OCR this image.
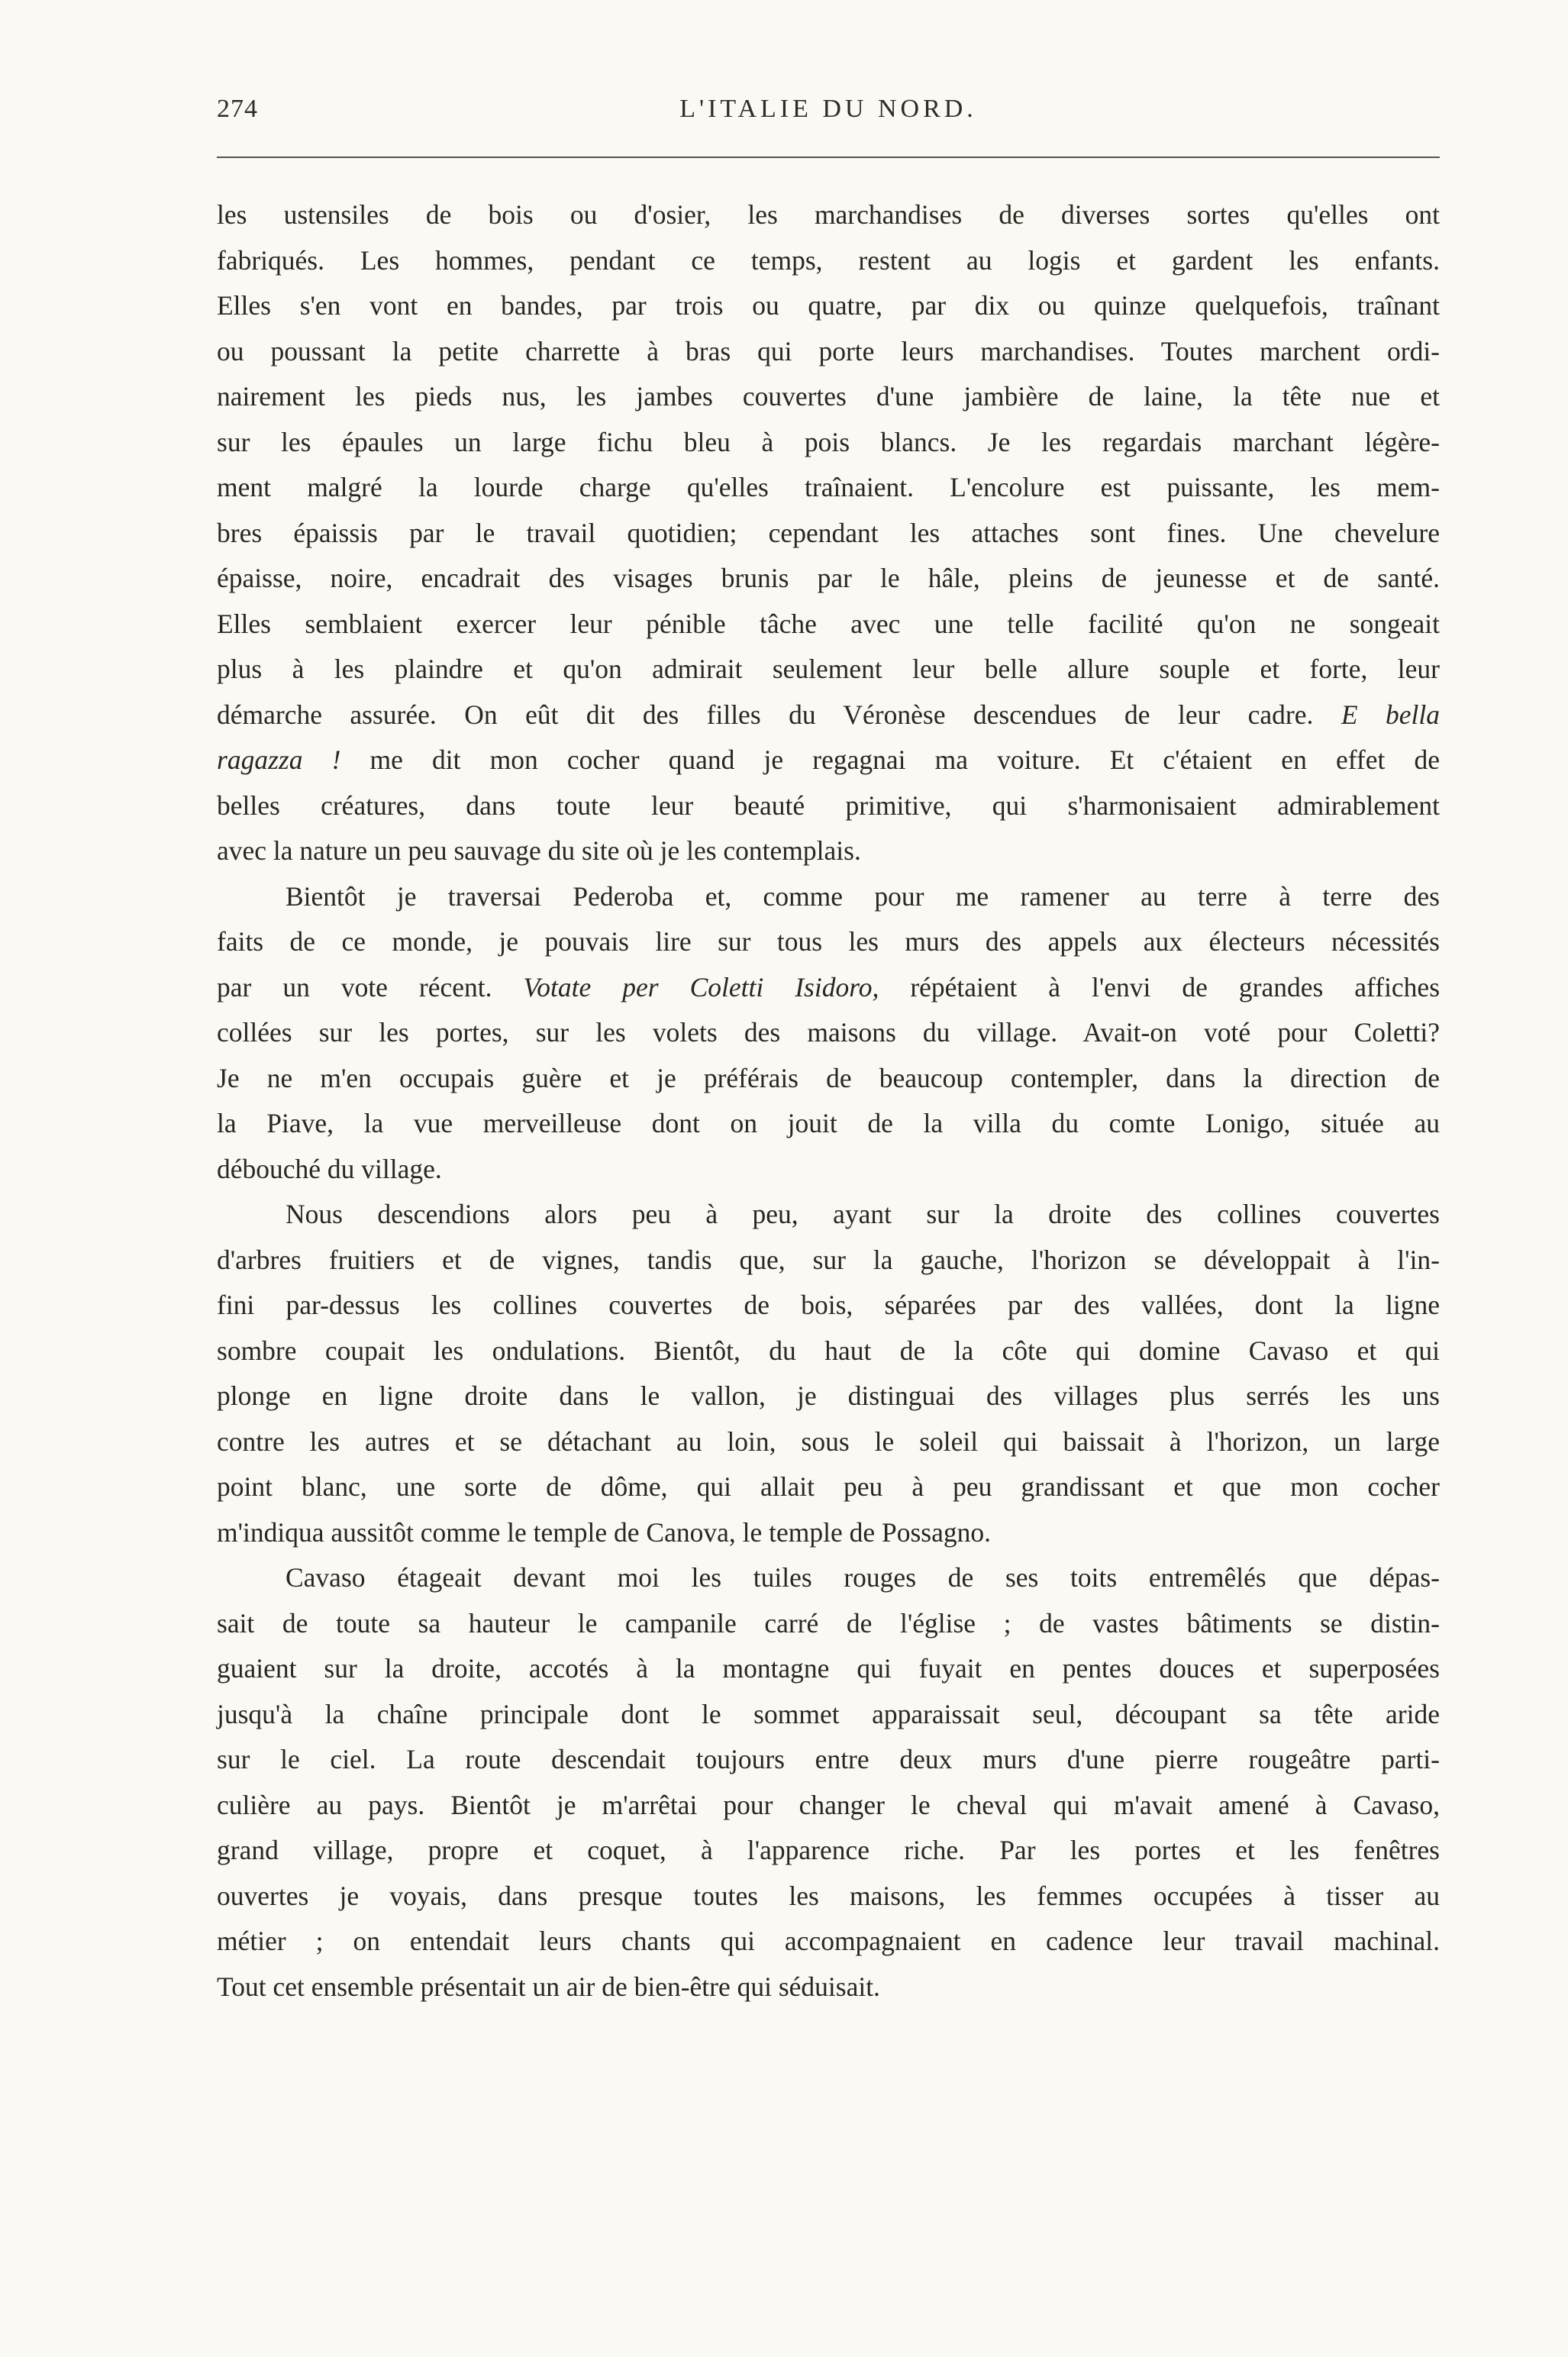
274	L'ITALIE DU NORD.
les ustensiles de bois ou d'osier, les marchandises de diverses sortes qu'elles ont
fabriqués. Les hommes, pendant ce temps, restent au logis et gardent les enfants.
Elles s'en vont en bandes, par trois ou quatre, par dix ou quinze quelquefois, traînant
ou poussant la petite charrette à bras qui porte leurs marchandises. Toutes marchent ordi-
nairement les pieds nus, les jambes couvertes d'une jambière de laine, la tête nue et
sur les épaules un large fichu bleu à pois blancs. Je les regardais marchant légère-
ment malgré la lourde charge qu'elles traînaient. L'encolure est puissante, les mem-
bres épaissis par le travail quotidien; cependant les attaches sont fines. Une chevelure
épaisse, noire, encadrait des visages brunis par le hâle, pleins de jeunesse et de santé.
Elles semblaient exercer leur pénible tâche avec une telle facilité qu'on ne songeait
plus à les plaindre et qu'on admirait seulement leur belle allure souple et forte, leur
démarche assurée. On eût dit des filles du Véronèse descendues de leur cadre. E bella
ragazza ! me dit mon cocher quand je regagnai ma voiture. Et c'étaient en effet de
belles créatures, dans toute leur beauté primitive, qui s'harmonisaient admirablement
avec la nature un peu sauvage du site où je les contemplais.
Bientôt je traversai Pederoba et, comme pour me ramener au terre à terre des
faits de ce monde, je pouvais lire sur tous les murs des appels aux électeurs nécessités
par un vote récent. Votate per Coletti Isidoro, répétaient à l'envi de grandes affiches
collées sur les portes, sur les volets des maisons du village. Avait-on voté pour Coletti?
Je ne m'en occupais guère et je préférais de beaucoup contempler, dans la direction de
la Piave, la vue merveilleuse dont on jouit de la villa du comte Lonigo, située au
débouché du village.
Nous descendions alors peu à peu, ayant sur la droite des collines couvertes
d'arbres fruitiers et de vignes, tandis que, sur la gauche, l'horizon se développait à l'in-
fini par-dessus les collines couvertes de bois, séparées par des vallées, dont la ligne
sombre coupait les ondulations. Bientôt, du haut de la côte qui domine Cavaso et qui
plonge en ligne droite dans le vallon, je distinguai des villages plus serrés les uns
contre les autres et se détachant au loin, sous le soleil qui baissait à l'horizon, un large
point blanc, une sorte de dôme, qui allait peu à peu grandissant et que mon cocher
m'indiqua aussitôt comme le temple de Canova, le temple de Possagno.
Cavaso étageait devant moi les tuiles rouges de ses toits entremêlés que dépas-
sait de toute sa hauteur le campanile carré de l'église ; de vastes bâtiments se distin-
guaient sur la droite, accotés à la montagne qui fuyait en pentes douces et superposées
jusqu'à la chaîne principale dont le sommet apparaissait seul, découpant sa tête aride
sur le ciel. La route descendait toujours entre deux murs d'une pierre rougeâtre parti-
culière au pays. Bientôt je m'arrêtai pour changer le cheval qui m'avait amené à Cavaso,
grand village, propre et coquet, à l'apparence riche. Par les portes et les fenêtres
ouvertes je voyais, dans presque toutes les maisons, les femmes occupées à tisser au
métier ; on entendait leurs chants qui accompagnaient en cadence leur travail machinal.
Tout cet ensemble présentait un air de bien-être qui séduisait.
